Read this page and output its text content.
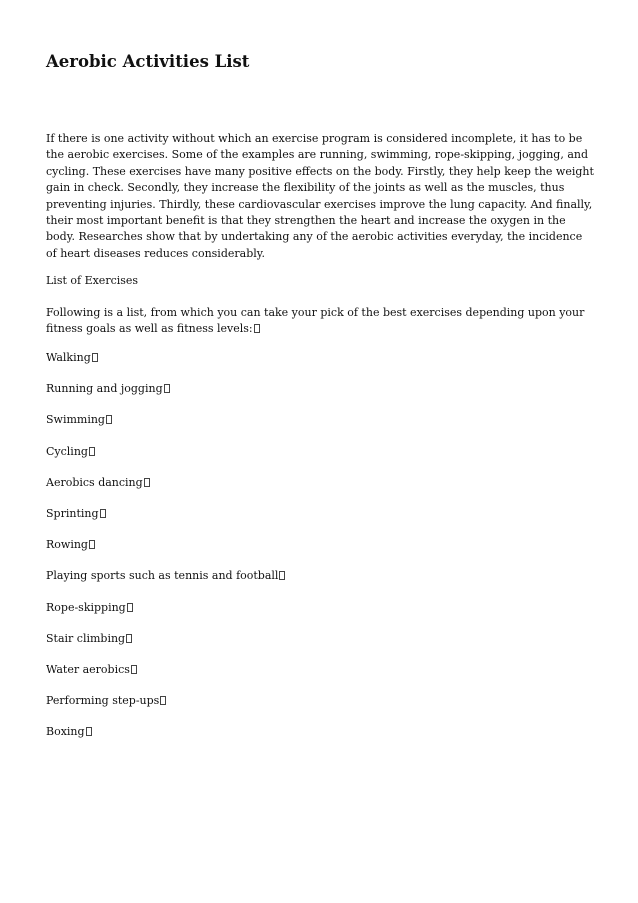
Aerobic Activities List

If there is one activity without which an exercise program is considered incomplete, it has to be the aerobic exercises. Some of the examples are running, swimming, rope-skipping, jogging, and cycling. These exercises have many positive effects on the body. Firstly, they help keep the weight gain in check. Secondly, they increase the flexibility of the joints as well as the muscles, thus preventing injuries. Thirdly, these cardiovascular exercises improve the lung capacity. And finally, their most important benefit is that they strengthen the heart and increase the oxygen in the body. Researches show that by undertaking any of the aerobic activities everyday, the incidence of heart diseases reduces considerably.

List of Exercises

Following is a list, from which you can take your pick of the best exercises depending upon your fitness goals as well as fitness levels:

Walking
Running and jogging
Swimming
Cycling
Aerobics dancing
Sprinting
Rowing
Playing sports such as tennis and football
Rope-skipping
Stair climbing
Water aerobics
Performing step-ups
Boxing
